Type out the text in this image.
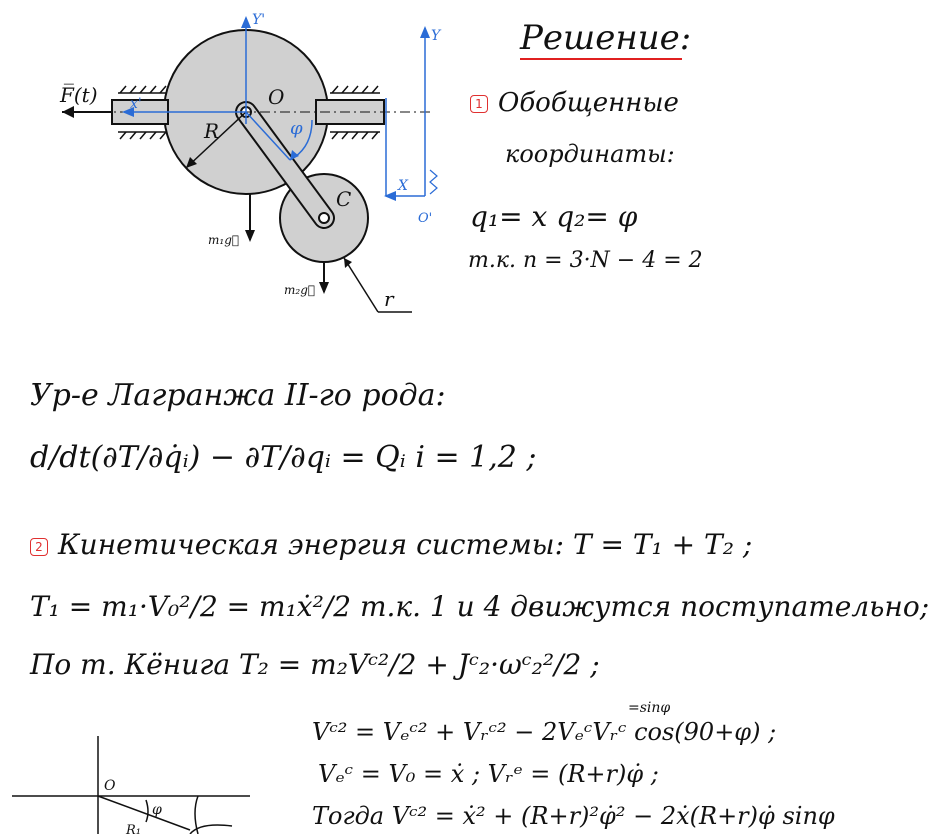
F̅(t)
Y'
Y
x'
X
O'
O
R	φ
C
r
m₁g⃗
m₂g⃗
O
φ
R₁
Решение:
1 Обобщенные
координаты:
q₁= x q₂= φ
т.к. n = 3·N − 4 = 2
Ур-е Лагранжа II-го рода:
d/dt(∂T/∂q̇ᵢ) − ∂T/∂qᵢ = Qᵢ i = 1,2 ;
2 Кинетическая энергия системы: T = T₁ + T₂ ;
T₁ = m₁·V₀²/2 = m₁ẋ²/2 т.к. 1 и 4 движутся поступательно;
По т. Кёнига T₂ = m₂Vᶜ²/2 + Jᶜ₂·ωᶜ₂²/2 ;
=sinφ
Vᶜ² = Vₑᶜ² + Vᵣᶜ² − 2VₑᶜVᵣᶜ cos(90+φ) ;
Vₑᶜ = V₀ = ẋ ; Vᵣᵉ = (R+r)φ̇ ;
Тогда Vᶜ² = ẋ² + (R+r)²φ̇² − 2ẋ(R+r)φ̇ sinφ
